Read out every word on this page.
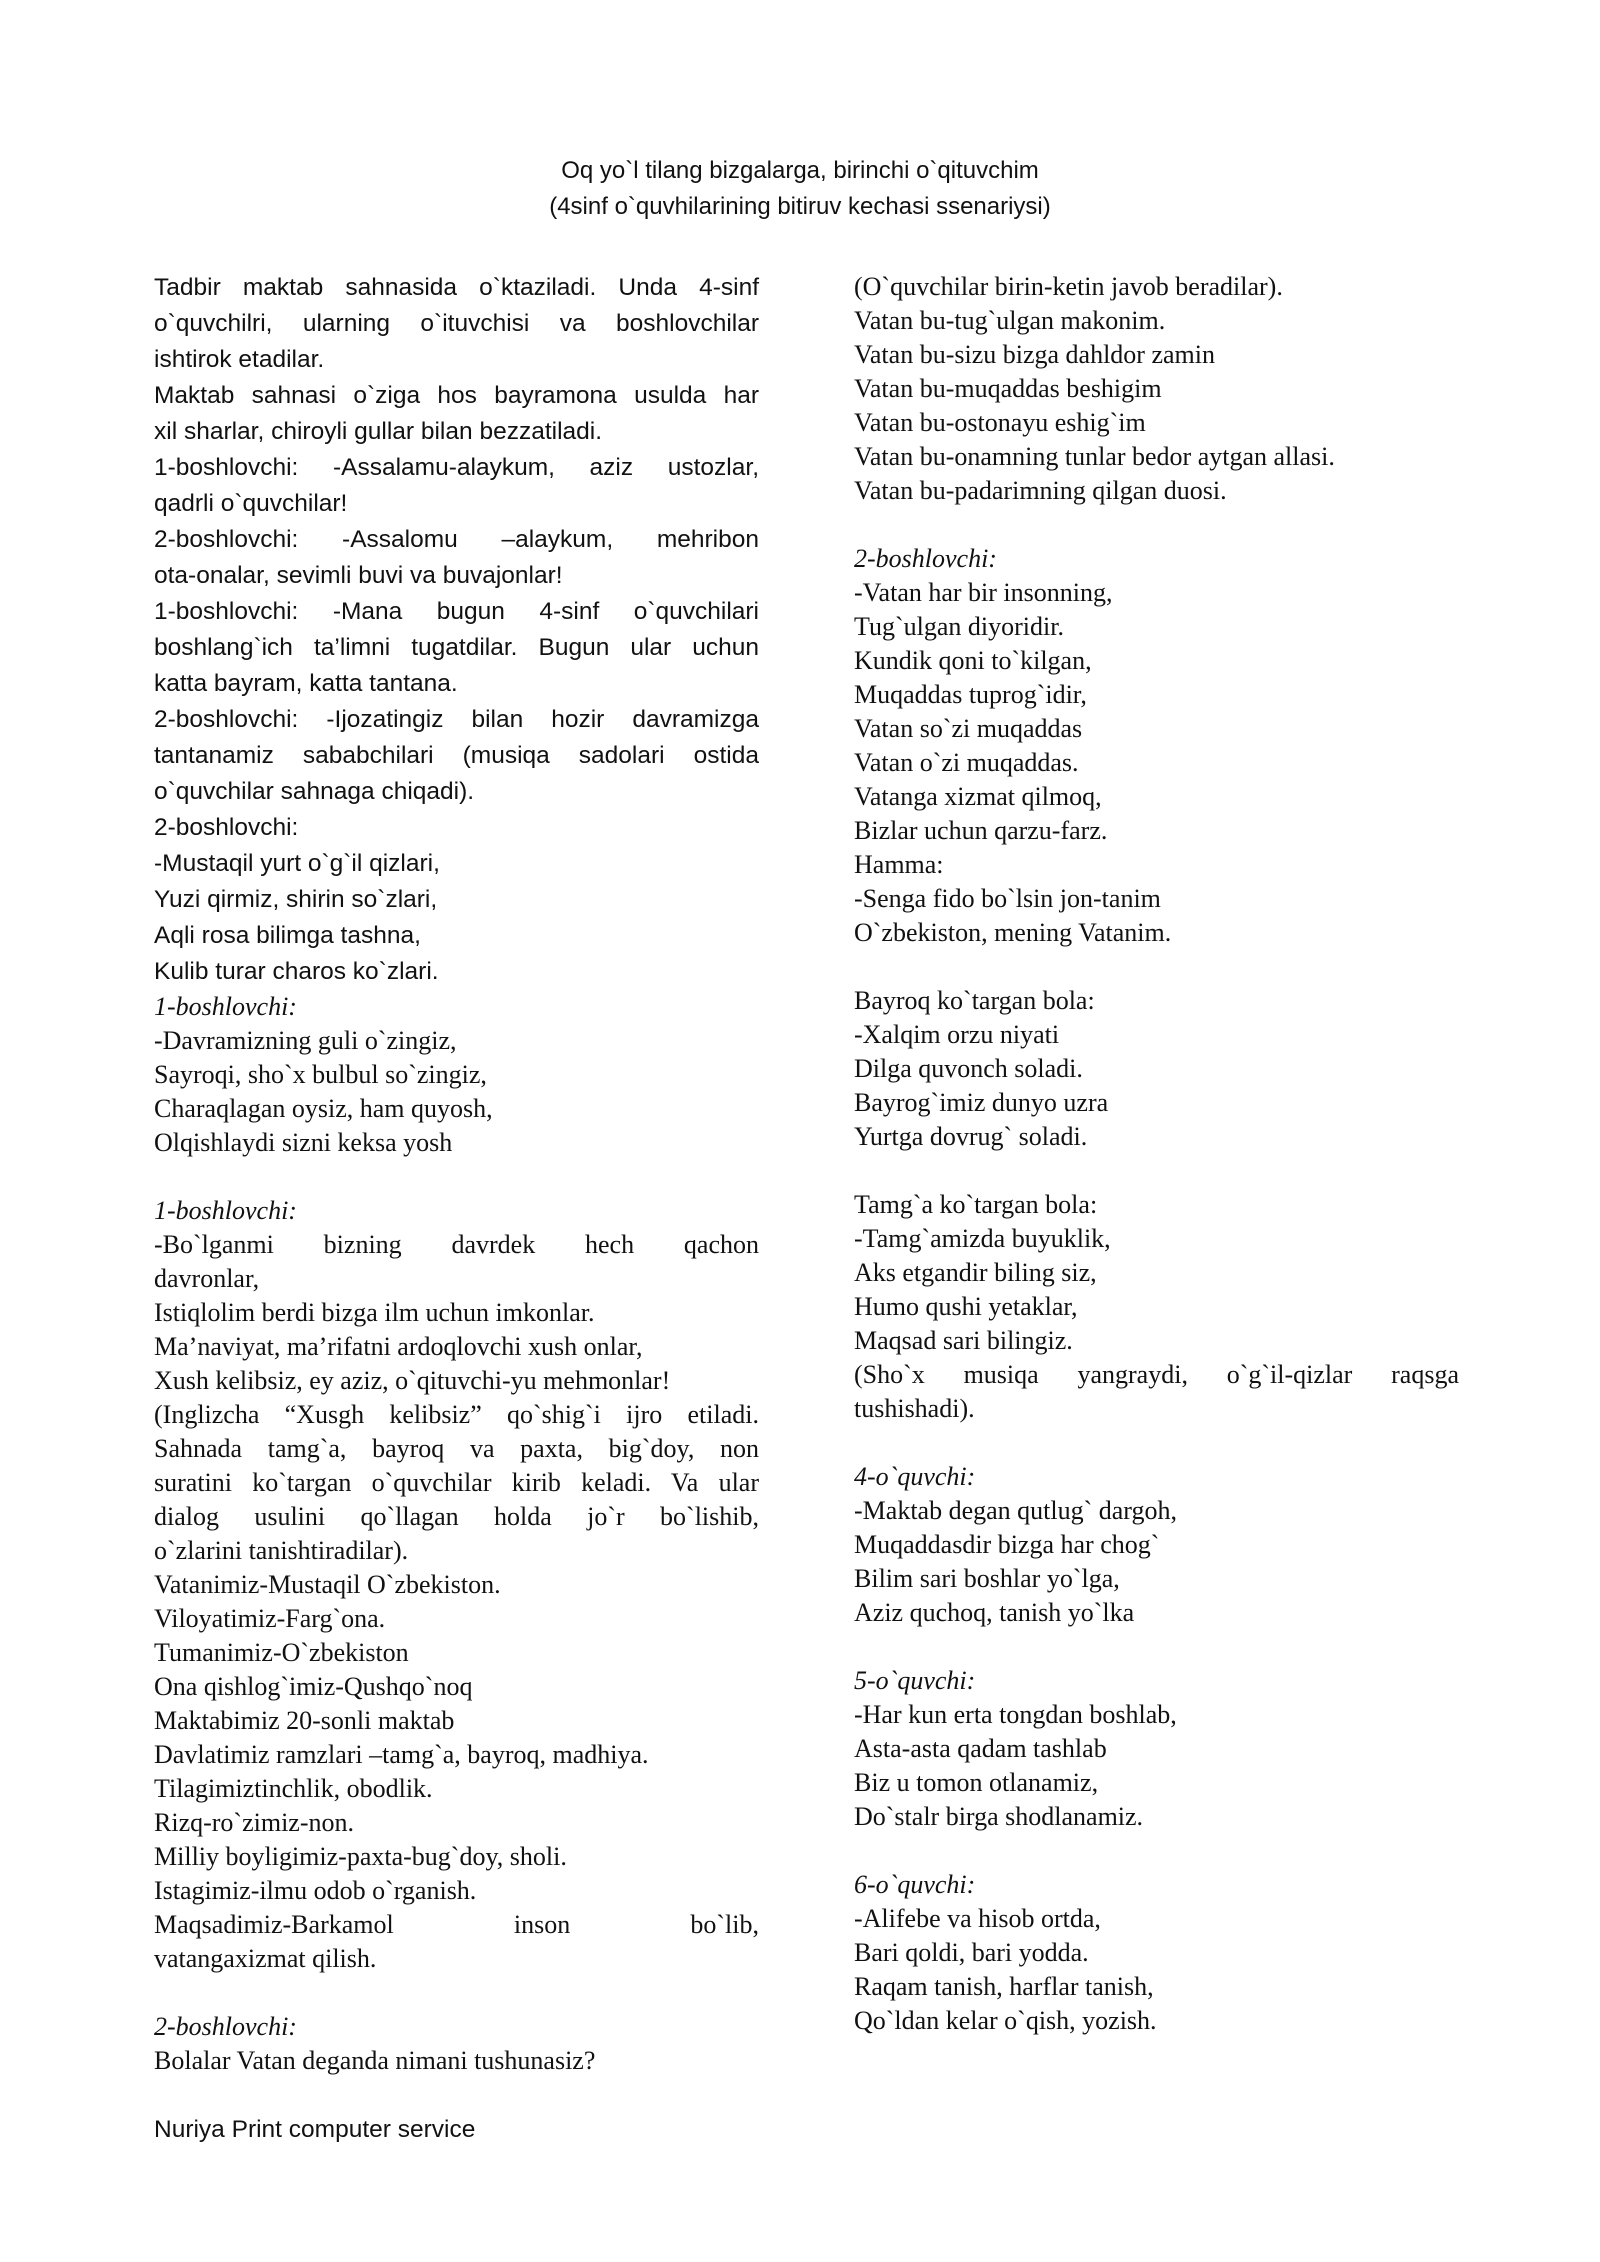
Oq yo`l tilang bizgalarga, birinchi o`qituvchim
(4sinf o`quvhilarining bitiruv kechasi ssenariysi)
Tadbir maktab sahnasida o`ktaziladi. Unda 4-sinf
o`quvchilri, ularning o`ituvchisi va boshlovchilar
ishtirok etadilar.
Maktab sahnasi o`ziga hos bayramona usulda har
xil sharlar, chiroyli gullar bilan bezzatiladi.
1-boshlovchi: -Assalamu-alaykum, aziz ustozlar,
qadrli o`quvchilar!
2-boshlovchi: -Assalomu –alaykum, mehribon
ota-onalar, sevimli buvi va buvajonlar!
1-boshlovchi: -Mana bugun 4-sinf o`quvchilari
boshlang`ich ta’limni tugatdilar. Bugun ular uchun
katta bayram, katta tantana.
2-boshlovchi: -Ijozatingiz bilan hozir davramizga
tantanamiz sababchilari (musiqa sadolari ostida
o`quvchilar sahnaga chiqadi).
2-boshlovchi:
-Mustaqil yurt o`g`il qizlari,
Yuzi qirmiz, shirin so`zlari,
Aqli rosa bilimga tashna,
Kulib turar charos ko`zlari.
1-boshlovchi:
-Davramizning guli o`zingiz,
Sayroqi, sho`x bulbul so`zingiz,
Charaqlagan oysiz, ham quyosh,
Olqishlaydi sizni keksa yosh
1-boshlovchi:
-Bo`lganmi bizning davrdek hech qachon
davronlar,
Istiqlolim berdi bizga ilm uchun imkonlar.
Ma’naviyat, ma’rifatni ardoqlovchi xush onlar,
Xush kelibsiz, ey aziz, o`qituvchi-yu mehmonlar!
(Inglizcha “Xusgh kelibsiz” qo`shig`i ijro etiladi.
Sahnada tamg`a, bayroq va paxta, big`doy, non
suratini ko`targan o`quvchilar kirib keladi. Va ular
dialog usulini qo`llagan holda jo`r bo`lishib,
o`zlarini tanishtiradilar).
Vatanimiz-Mustaqil O`zbekiston.
Viloyatimiz-Farg`ona.
Tumanimiz-O`zbekiston
Ona qishlog`imiz-Qushqo`noq
Maktabimiz 20-sonli maktab
Davlatimiz ramzlari –tamg`a, bayroq, madhiya.
Tilagimiztinchlik, obodlik.
Rizq-ro`zimiz-non.
Milliy boyligimiz-paxta-bug`doy, sholi.
Istagimiz-ilmu odob o`rganish.
Maqsadimiz-Barkamol inson bo`lib,
vatangaxizmat qilish.
2-boshlovchi:
Bolalar Vatan deganda nimani tushunasiz?
(O`quvchilar birin-ketin javob beradilar).
Vatan bu-tug`ulgan makonim.
Vatan bu-sizu bizga dahldor zamin
Vatan bu-muqaddas beshigim
Vatan bu-ostonayu eshig`im
Vatan bu-onamning tunlar bedor aytgan allasi.
Vatan bu-padarimning qilgan duosi.
2-boshlovchi:
-Vatan har bir insonning,
Tug`ulgan diyoridir.
Kundik qoni to`kilgan,
Muqaddas tuprog`idir,
Vatan so`zi muqaddas
Vatan o`zi muqaddas.
Vatanga xizmat qilmoq,
Bizlar uchun qarzu-farz.
Hamma:
-Senga fido bo`lsin jon-tanim
O`zbekiston, mening Vatanim.
Bayroq ko`targan bola:
-Xalqim orzu niyati
Dilga quvonch soladi.
Bayrog`imiz dunyo uzra
Yurtga dovrug` soladi.
Tamg`a ko`targan bola:
-Tamg`amizda buyuklik,
Aks etgandir biling siz,
Humo qushi yetaklar,
Maqsad sari bilingiz.
(Sho`x musiqa yangraydi, o`g`il-qizlar raqsga
tushishadi).
4-o`quvchi:
-Maktab degan qutlug` dargoh,
Muqaddasdir bizga har chog`
Bilim sari boshlar yo`lga,
Aziz quchoq, tanish yo`lka
5-o`quvchi:
-Har kun erta tongdan boshlab,
Asta-asta qadam tashlab
Biz u tomon otlanamiz,
Do`stalr birga shodlanamiz.
6-o`quvchi:
-Alifebe va hisob ortda,
Bari qoldi, bari yodda.
Raqam tanish, harflar tanish,
Qo`ldan kelar o`qish, yozish.
Nuriya Print computer service
